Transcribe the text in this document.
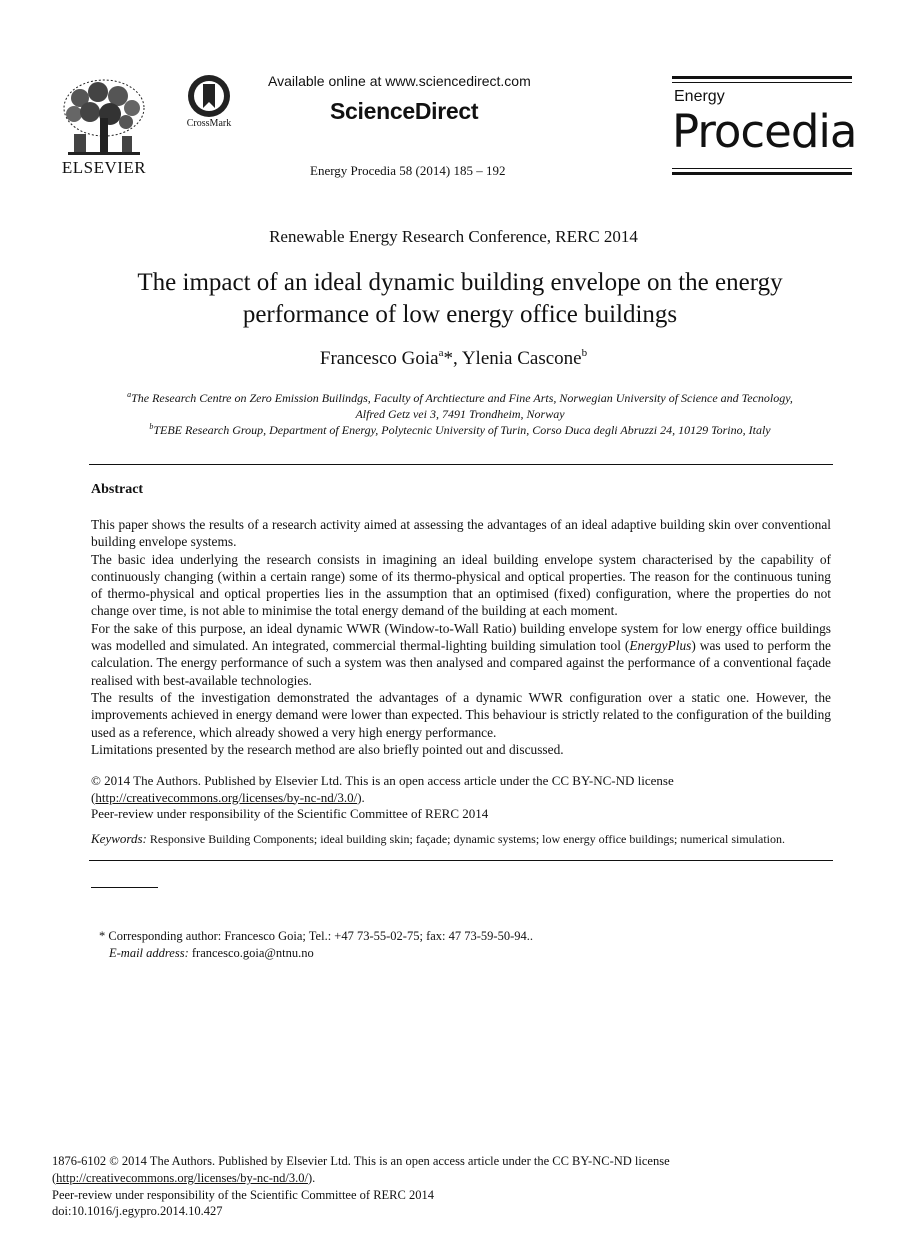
ELSEVIER
CrossMark
Available online at www.sciencedirect.com
ScienceDirect
Energy Procedia 58 (2014) 185 – 192
Energy
Procedia
Renewable Energy Research Conference, RERC 2014
The impact of an ideal dynamic building envelope on the energy
performance of low energy office buildings
Francesco Goia$^a$*, Ylenia Cascone$^b$
$^a$The Research Centre on Zero Emission Builindgs, Faculty of Archtiecture and Fine Arts, Norwegian University of Science and Tecnology,
Alfred Getz vei 3, 7491 Trondheim, Norway
$^b$TEBE Research Group, Department of Energy, Polytecnic University of Turin, Corso Duca degli Abruzzi 24, 10129 Torino, Italy
Abstract

This paper shows the results of a research activity aimed at assessing the advantages of an ideal adaptive building skin over conventional building envelope systems.

The basic idea underlying the research consists in imagining an ideal building envelope system characterised by the capability of continuously changing (within a certain range) some of its thermo-physical and optical properties. The reason for the continuous tuning of thermo-physical and optical properties lies in the assumption that an optimised (fixed) configuration, where the properties do not change over time, is not able to minimise the total energy demand of the building at each moment.

For the sake of this purpose, an ideal dynamic WWR (Window-to-Wall Ratio) building envelope system for low energy office buildings was modelled and simulated. An integrated, commercial thermal-lighting building simulation tool (EnergyPlus) was used to perform the calculation. The energy performance of such a system was then analysed and compared against the performance of a conventional façade realised with best-available technologies.

The results of the investigation demonstrated the advantages of a dynamic WWR configuration over a static one. However, the improvements achieved in energy demand were lower than expected. This behaviour is strictly related to the configuration of the building used as a reference, which already showed a very high energy performance.

Limitations presented by the research method are also briefly pointed out and discussed.

© 2014 The Authors. Published by Elsevier Ltd. This is an open access article under the CC BY-NC-ND license
(http://creativecommons.org/licenses/by-nc-nd/3.0/).
Peer-review under responsibility of the Scientific Committee of RERC 2014
Keywords: Responsive Building Components; ideal building skin; façade; dynamic systems; low energy office buildings; numerical simulation.
* Corresponding author: Francesco Goia; Tel.: +47 73-55-02-75; fax: 47 73-59-50-94..
E-mail address: francesco.goia@ntnu.no
1876-6102 © 2014 The Authors. Published by Elsevier Ltd. This is an open access article under the CC BY-NC-ND license
(http://creativecommons.org/licenses/by-nc-nd/3.0/).
Peer-review under responsibility of the Scientific Committee of RERC 2014
doi:10.1016/j.egypro.2014.10.427
